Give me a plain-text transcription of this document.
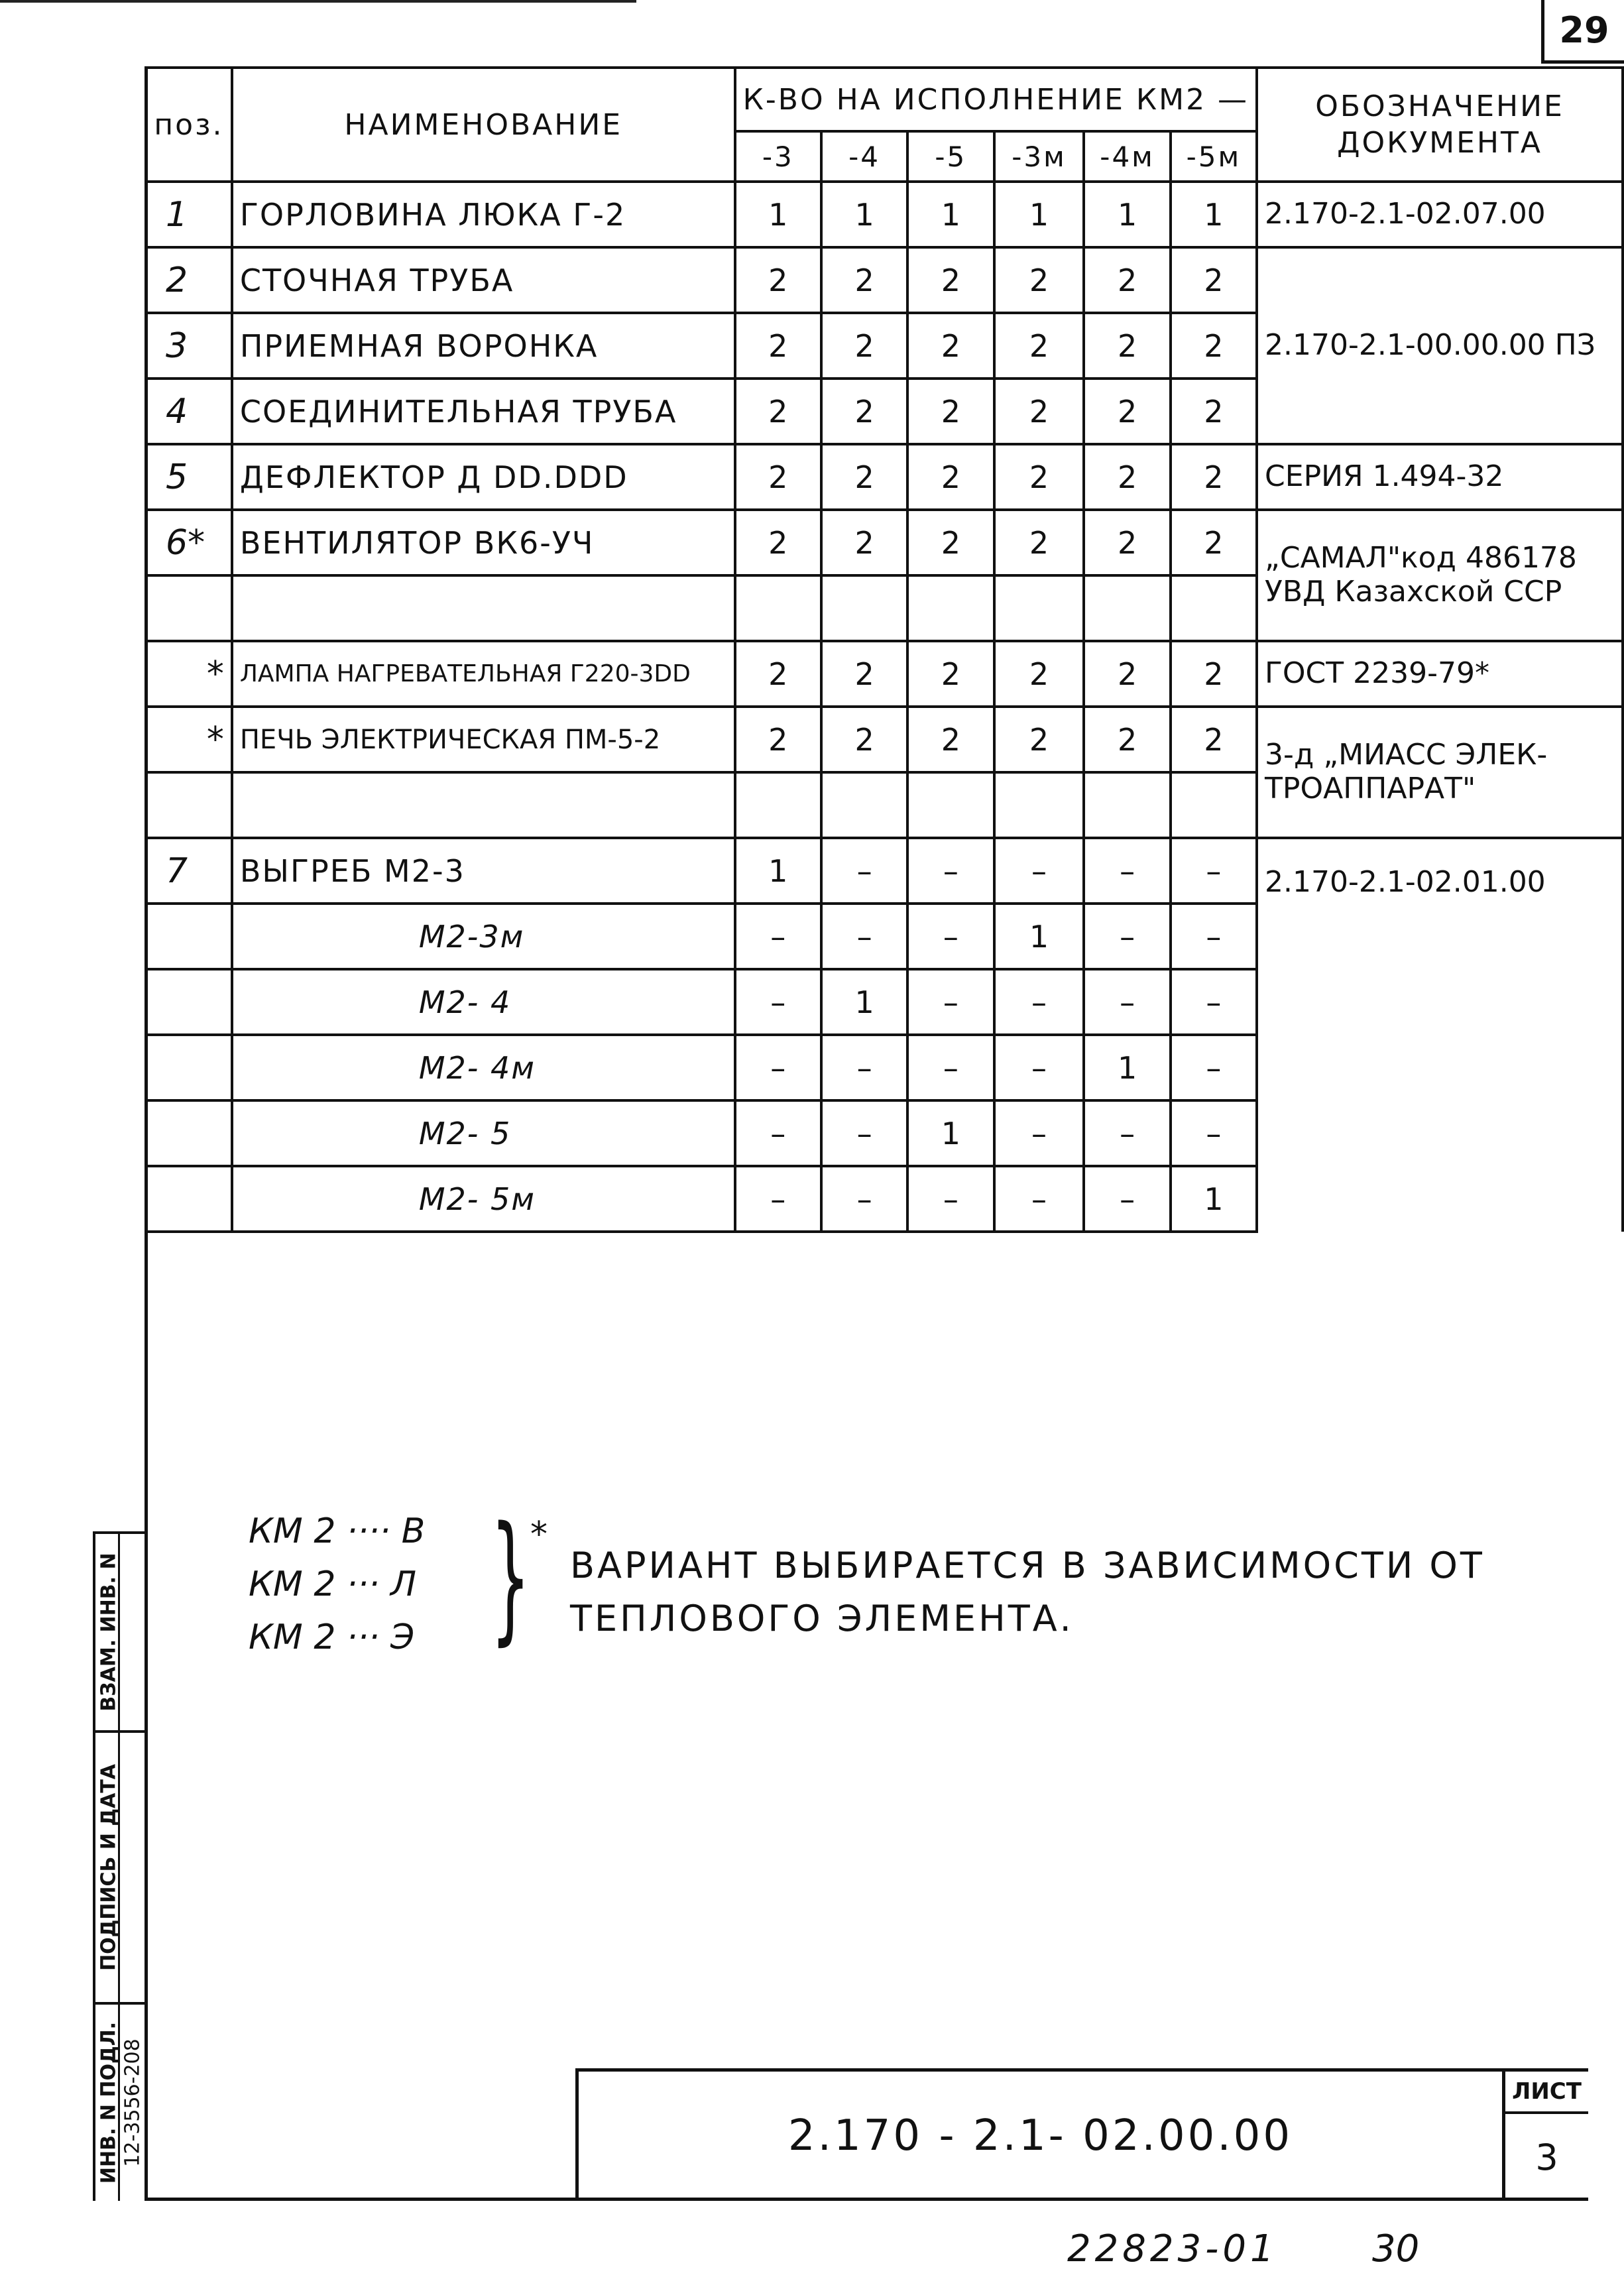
29
поз.	НАИМЕНОВАНИЕ	К-ВО НА ИСПОЛНЕНИЕ КМ2 —						ОБОЗНАЧЕНИЕ ДОКУМЕНТА
		-3	-4	-5	-3м	-4м	-5м	
1	ГОРЛОВИНА ЛЮКА Г-2	1	1	1	1	1	1	2.170-2.1-02.07.00
2	СТОЧНАЯ ТРУБА	2	2	2	2	2	2	2.170-2.1-00.00.00 ПЗ
3	ПРИЕМНАЯ ВОРОНКА	2	2	2	2	2	2	
4	СОЕДИНИТЕЛЬНАЯ ТРУБА	2	2	2	2	2	2	
5	ДЕФЛЕКТОР Д DD.DDD	2	2	2	2	2	2	СЕРИЯ 1.494-32
6*	ВЕНТИЛЯТОР ВК6-УЧ	2	2	2	2	2	2	„САМАЛ"код 486178 УВД Казахской ССР

*	ЛАМПА НАГРЕВАТЕЛЬНАЯ Г220-3DD	2	2	2	2	2	2	ГОСТ 2239-79*
*	ПЕЧЬ ЭЛЕКТРИЧЕСКАЯ ПМ-5-2	2	2	2	2	2	2	3-д „МИАСС ЭЛЕК-ТРОАППАРАТ"

7	ВЫГРЕБ М2-3	1	–	–	–	–	–	2.170-2.1-02.01.00
	М2-3м	–	–	–	1	–	–	
	М2- 4	–	1	–	–	–	–	
	М2- 4м	–	–	–	–	1	–	
	М2- 5	–	–	1	–	–	–	
	М2- 5м	–	–	–	–	–	1	
КМ 2 ···· В
КМ 2 ··· Л
КМ 2 ··· Э } *
ВАРИАНТ ВЫБИРАЕТСЯ В ЗАВИСИМОСТИ ОТ
ТЕПЛОВОГО ЭЛЕМЕНТА.
ВЗАМ. ИНВ. N
ПОДПИСЬ И ДАТА
ИНВ. N ПОДЛ. 12-3556-208	2.170 - 2.1- 02.00.00
ЛИСТ
3
22823-01	30
